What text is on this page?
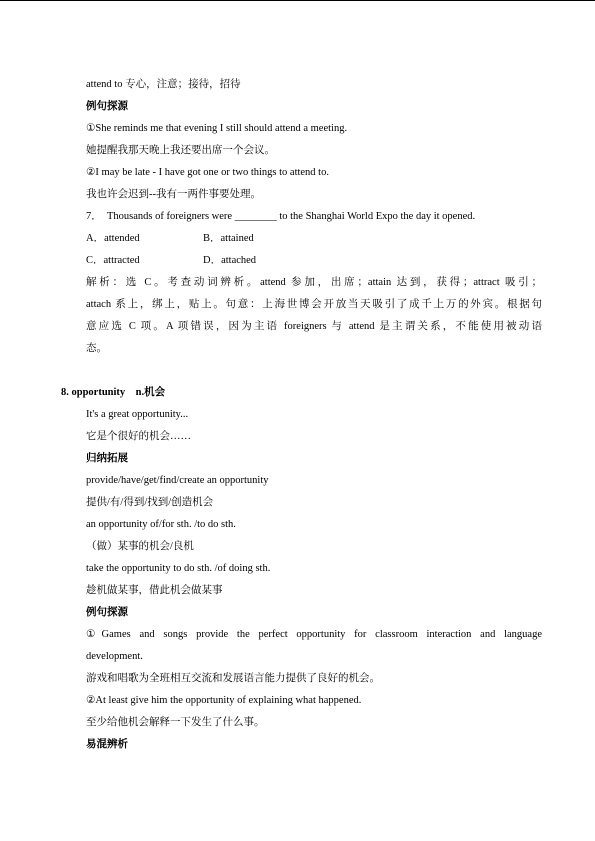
attend to 专心，注意；接待，招待
例句探源
①She reminds me that evening I still should attend a meeting.
她提醒我那天晚上我还要出席一个会议。
②I may be late - I have got one or two things to attend to.
我也许会迟到--我有一两件事要处理。
7．　Thousands of foreigners were ________ to the Shanghai World Expo the day it opened.
A．attended	B．attained
C．attracted	D．attached
解析：选 C。考查动词辨析。attend 参加，出席；attain 达到，获得；attract 吸引；
attach 系上，绑上，贴上。句意：上海世博会开放当天吸引了成千上万的外宾。根据句
意应选 C 项。A 项错误，因为主语 foreigners 与 attend 是主谓关系，不能使用被动语
态。
8. opportunity　n.机会
It's a great opportunity...
它是个很好的机会……
归纳拓展
provide/have/get/find/create an opportunity
提供/有/得到/找到/创造机会
an opportunity of/for sth. /to do sth.
（做）某事的机会/良机
take the opportunity to do sth. /of doing sth.
趁机做某事，借此机会做某事
例句探源
①Games and songs provide the perfect opportunity for classroom interaction and language
development.
游戏和唱歌为全班相互交流和发展语言能力提供了良好的机会。
②At least give him the opportunity of explaining what happened.
至少给他机会解释一下发生了什么事。
易混辨析
